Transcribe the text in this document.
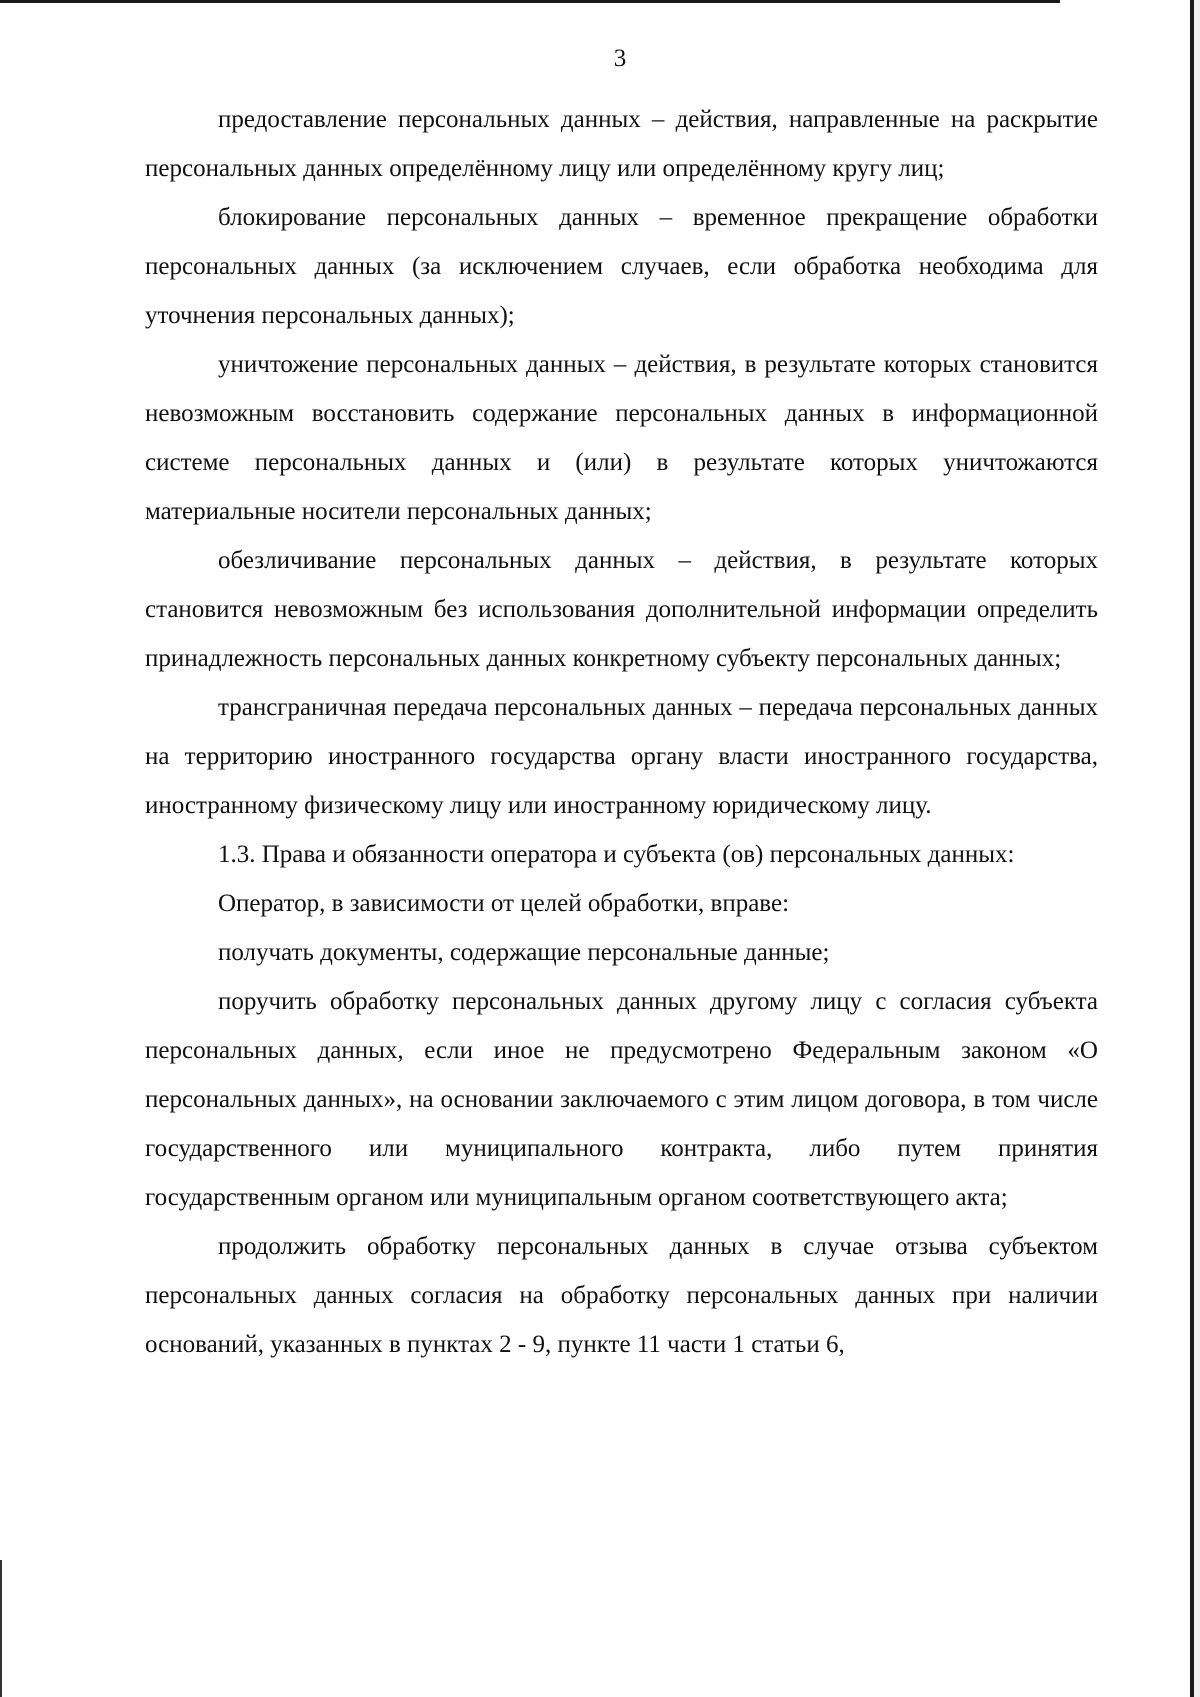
3

предоставление персональных данных – действия, направленные на раскрытие персональных данных определённому лицу или определённому кругу лиц;

блокирование персональных данных – временное прекращение обработки персональных данных (за исключением случаев, если обработка необходима для уточнения персональных данных);

уничтожение персональных данных – действия, в результате которых становится невозможным восстановить содержание персональных данных в информационной системе персональных данных и (или) в результате которых уничтожаются материальные носители персональных данных;

обезличивание персональных данных – действия, в результате которых становится невозможным без использования дополнительной информации определить принадлежность персональных данных конкретному субъекту персональных данных;

трансграничная передача персональных данных – передача персональных данных на территорию иностранного государства органу власти иностранного государства, иностранному физическому лицу или иностранному юридическому лицу.

1.3. Права и обязанности оператора и субъекта (ов) персональных данных:

Оператор, в зависимости от целей обработки, вправе:

получать документы, содержащие персональные данные;

поручить обработку персональных данных другому лицу с согласия субъекта персональных данных, если иное не предусмотрено Федеральным законом «О персональных данных», на основании заключаемого с этим лицом договора, в том числе государственного или муниципального контракта, либо путем принятия государственным органом или муниципальным органом соответствующего акта;

продолжить обработку персональных данных в случае отзыва субъектом персональных данных согласия на обработку персональных данных при наличии оснований, указанных в пунктах 2 - 9, пункте 11 части 1 статьи 6,
